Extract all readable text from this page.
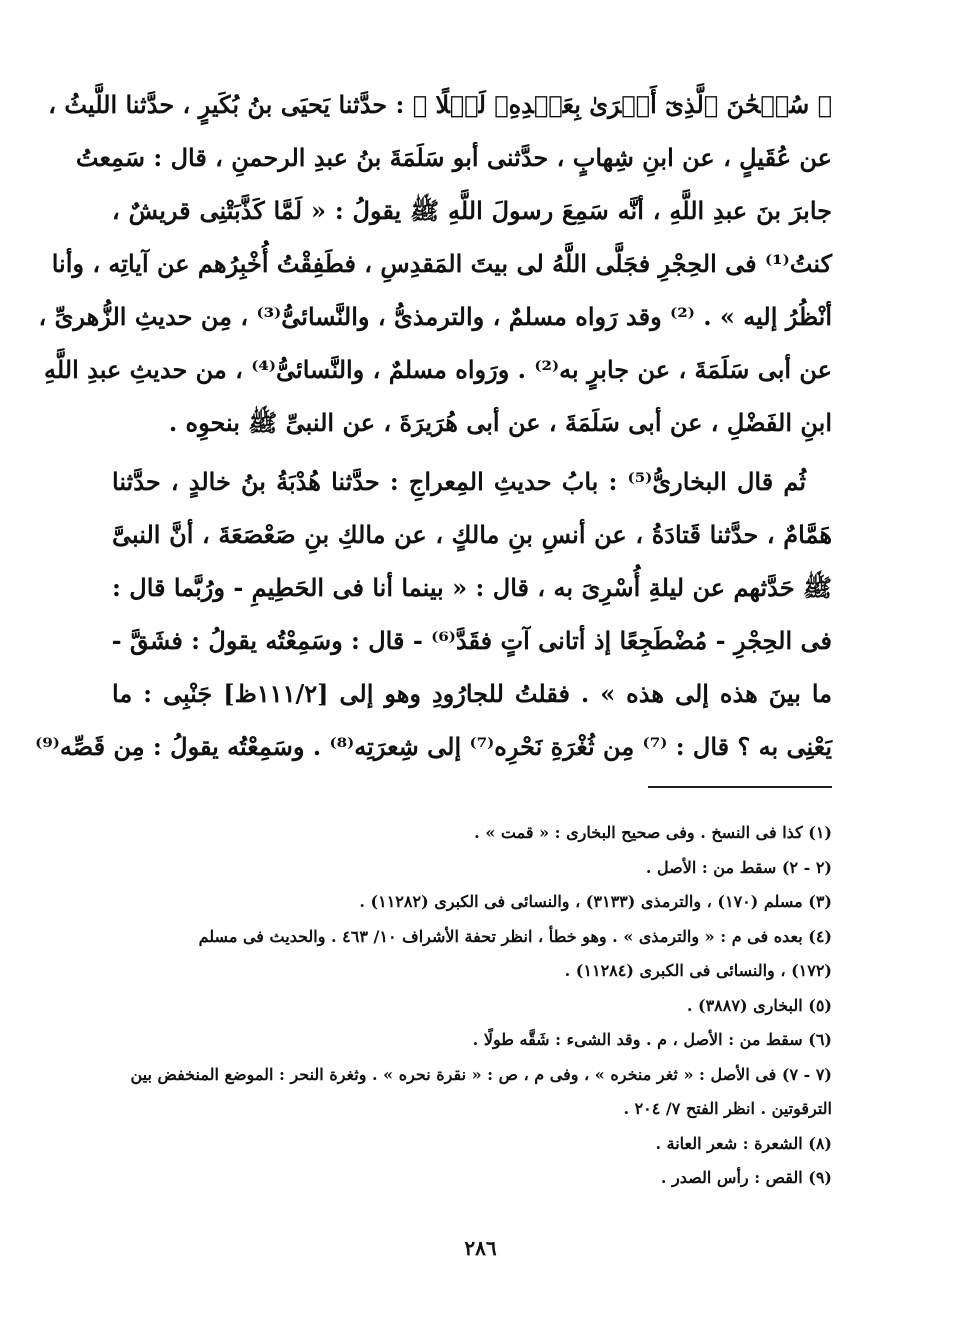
﴿ سُبۡحَٰنَ ٱلَّذِىٓ أَسۡرَىٰ بِعَبۡدِهِۦ لَيۡلًا ﴾ : حدَّثنا يَحيَى بنُ بُكَيرٍ ، حدَّثنا اللَّيثُ ،
عن عُقَيلٍ ، عن ابنِ شِهابٍ ، حدَّثنى أبو سَلَمَةَ بنُ عبدِ الرحمنِ ، قال : سَمِعتُ
جابرَ بنَ عبدِ اللَّهِ ، أنَّه سَمِعَ رسولَ اللَّهِ ﷺ يقولُ : « لَمَّا كَذَّبَتْنِى قريشٌ ،
كنتُ⁽¹⁾ فى الحِجْرِ فجَلَّى اللَّهُ لى بيتَ المَقدِسِ ، فطَفِقْتُ أُخْبِرُهم عن آياتِه ، وأنا
أنْظُرُ إليه » . ⁽²⁾ وقد رَواه مسلمٌ ، والترمذىُّ ، والنَّسائىُّ⁽³⁾ ، مِن حديثِ الزُّهرىِّ ،
عن أبى سَلَمَةَ ، عن جابرٍ به⁽²⁾ . ورَواه مسلمٌ ، والنَّسائىُّ⁽⁴⁾ ، من حديثِ عبدِ اللَّهِ
ابنِ الفَضْلِ ، عن أبى سَلَمَةَ ، عن أبى هُرَيرَةَ ، عن النبىِّ ﷺ بنحوِه .
ثُم قال البخارىُّ⁽⁵⁾ : بابُ حديثِ المِعراجِ : حدَّثنا هُدْبَةُ بنُ خالدٍ ، حدَّثنا
هَمَّامٌ ، حدَّثنا قَتادَةُ ، عن أنسِ بنِ مالكٍ ، عن مالكِ بنِ صَعْصَعَةَ ، أنَّ النبىَّ
ﷺ حَدَّثهم عن ليلةِ أُسْرِىَ به ، قال : « بينما أنا فى الحَطِيمِ - ورُبَّما قال :
فى الحِجْرِ - مُضْطَجِعًا إذ أتانى آتٍ فقَدَّ⁽⁶⁾ - قال : وسَمِعْتُه يقولُ : فشَقَّ -
ما بينَ هذه إلى هذه » . فقلتُ للجارُودِ وهو إلى [١١١/٢ظ] جَنْبِى : ما
يَعْنِى به ؟ قال : ⁽⁷⁾ مِن ثُغْرَةِ نَحْرِه⁽⁷⁾ إلى شِعرَتِه⁽⁸⁾ . وسَمِعْتُه يقولُ : مِن قَصِّه⁽⁹⁾
(١) كذا فى النسخ . وفى صحيح البخارى : « قمت » .
(٢ - ٢) سقط من : الأصل .
(٣) مسلم (١٧٠) ، والترمذى (٣١٣٣) ، والنسائى فى الكبرى (١١٢٨٢) .
(٤) بعده فى م : « والترمذى » . وهو خطأ ، انظر تحفة الأشراف ١٠/ ٤٦٣ . والحديث فى مسلم
(١٧٢) ، والنسائى فى الكبرى (١١٢٨٤) .
(٥) البخارى (٣٨٨٧) .
(٦) سقط من : الأصل ، م . وقد الشىء : شَقَّه طولًا .
(٧ - ٧) فى الأصل : « ثغر منخره » ، وفى م ، ص : « نقرة نحره » . وثغرة النحر : الموضع المنخفض بين
الترقوتين . انظر الفتح ٧/ ٢٠٤ .
(٨) الشعرة : شعر العانة .
(٩) القص : رأس الصدر .
٢٨٦
